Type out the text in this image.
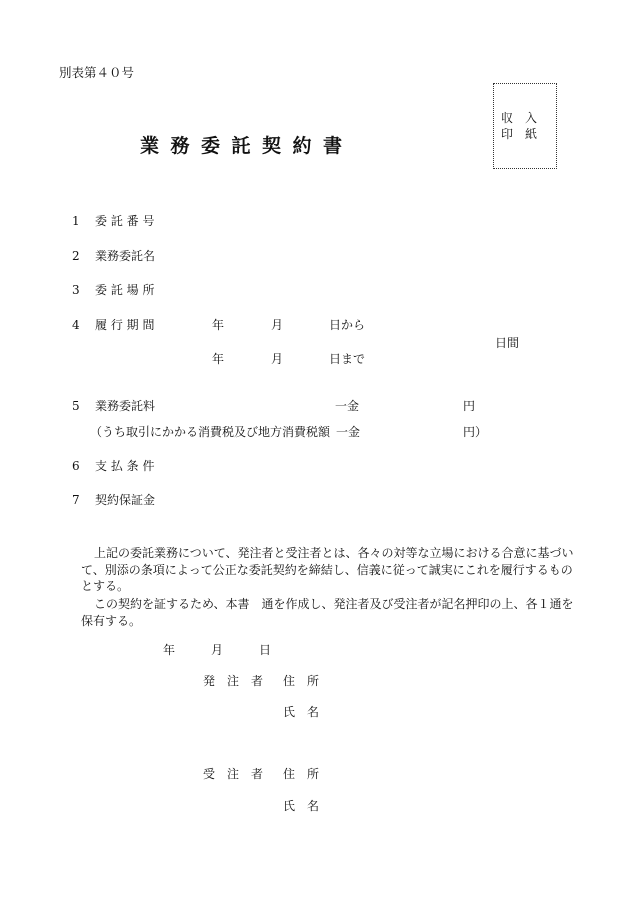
別表第４０号
収　入
印　紙
業務委託契約書
1	委 託 番 号
2	業務委託名
3	委 託 場 所
4	履 行 期 間	年	月	日から
日間
年	月	日まで
5	業務委託料	一金	円
（うち取引にかかる消費税及び地方消費税額 一金	円）
6	支 払 条 件
7	契約保証金
上記の委託業務について、発注者と受注者とは、各々の対等な立場における合意に基づいて、別添の条項によって公正な委託契約を締結し、信義に従って誠実にこれを履行するものとする。
この契約を証するため、本書　通を作成し、発注者及び受注者が記名押印の上、各１通を保有する。
年	月	日
発　注　者 住　所
氏　名
受　注　者 住　所
氏　名
